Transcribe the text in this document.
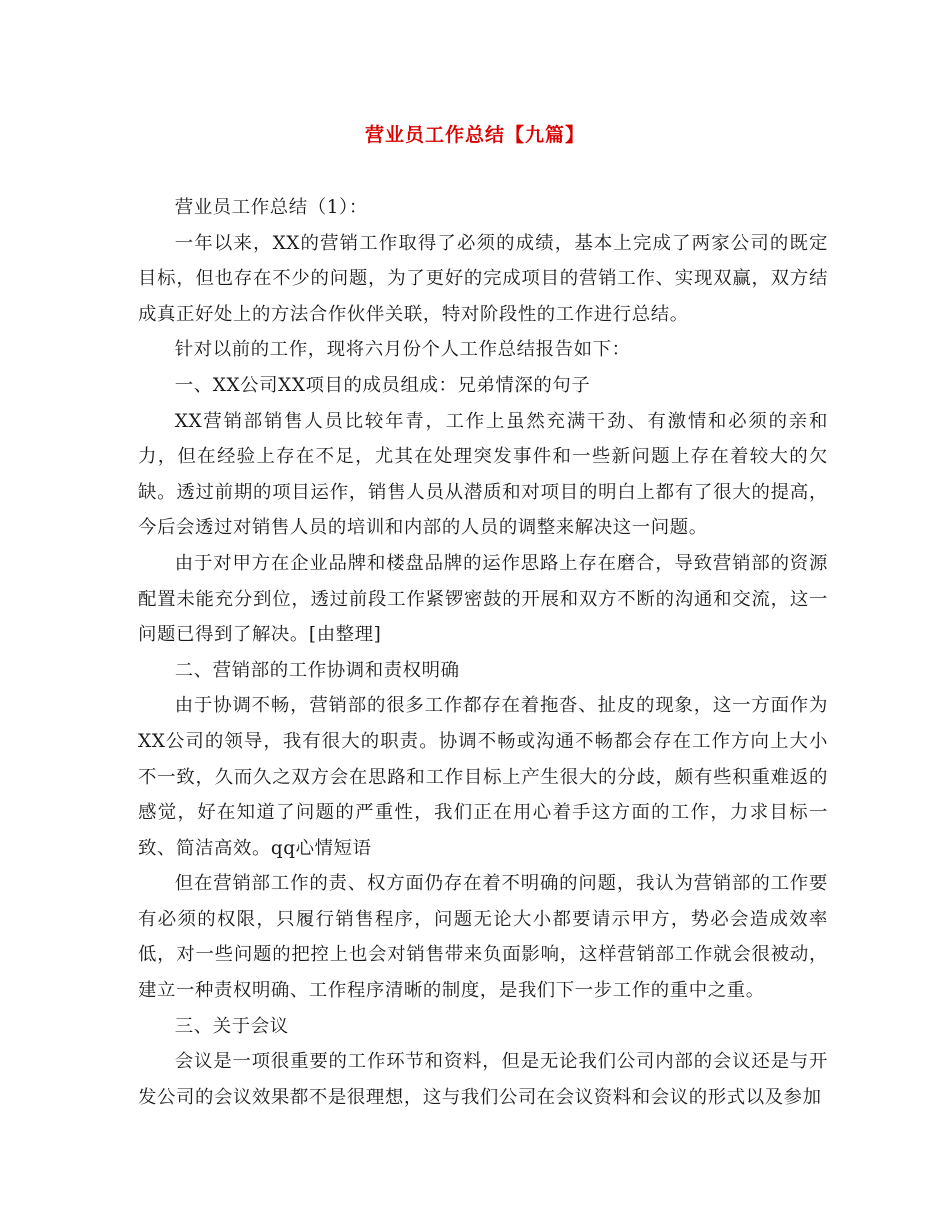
营业员工作总结【九篇】

营业员工作总结（1）：

一年以来，XX的营销工作取得了必须的成绩，基本上完成了两家公司的既定目标，但也存在不少的问题，为了更好的完成项目的营销工作、实现双赢，双方结成真正好处上的方法合作伙伴关联，特对阶段性的工作进行总结。

针对以前的工作，现将六月份个人工作总结报告如下：

一、XX公司XX项目的成员组成：兄弟情深的句子

XX营销部销售人员比较年青，工作上虽然充满干劲、有激情和必须的亲和力，但在经验上存在不足，尤其在处理突发事件和一些新问题上存在着较大的欠缺。透过前期的项目运作，销售人员从潜质和对项目的明白上都有了很大的提高，今后会透过对销售人员的培训和内部的人员的调整来解决这一问题。

由于对甲方在企业品牌和楼盘品牌的运作思路上存在磨合，导致营销部的资源配置未能充分到位，透过前段工作紧锣密鼓的开展和双方不断的沟通和交流，这一问题已得到了解决。[由整理]

二、营销部的工作协调和责权明确

由于协调不畅，营销部的很多工作都存在着拖沓、扯皮的现象，这一方面作为XX公司的领导，我有很大的职责。协调不畅或沟通不畅都会存在工作方向上大小不一致，久而久之双方会在思路和工作目标上产生很大的分歧，颇有些积重难返的感觉，好在知道了问题的严重性，我们正在用心着手这方面的工作，力求目标一致、简洁高效。qq心情短语

但在营销部工作的责、权方面仍存在着不明确的问题，我认为营销部的工作要有必须的权限，只履行销售程序，问题无论大小都要请示甲方，势必会造成效率低，对一些问题的把控上也会对销售带来负面影响，这样营销部工作就会很被动，建立一种责权明确、工作程序清晰的制度，是我们下一步工作的重中之重。

三、关于会议

会议是一项很重要的工作环节和资料，但是无论我们公司内部的会议还是与开发公司的会议效果都不是很理想，这与我们公司在会议资料和会议的形式以及参加
